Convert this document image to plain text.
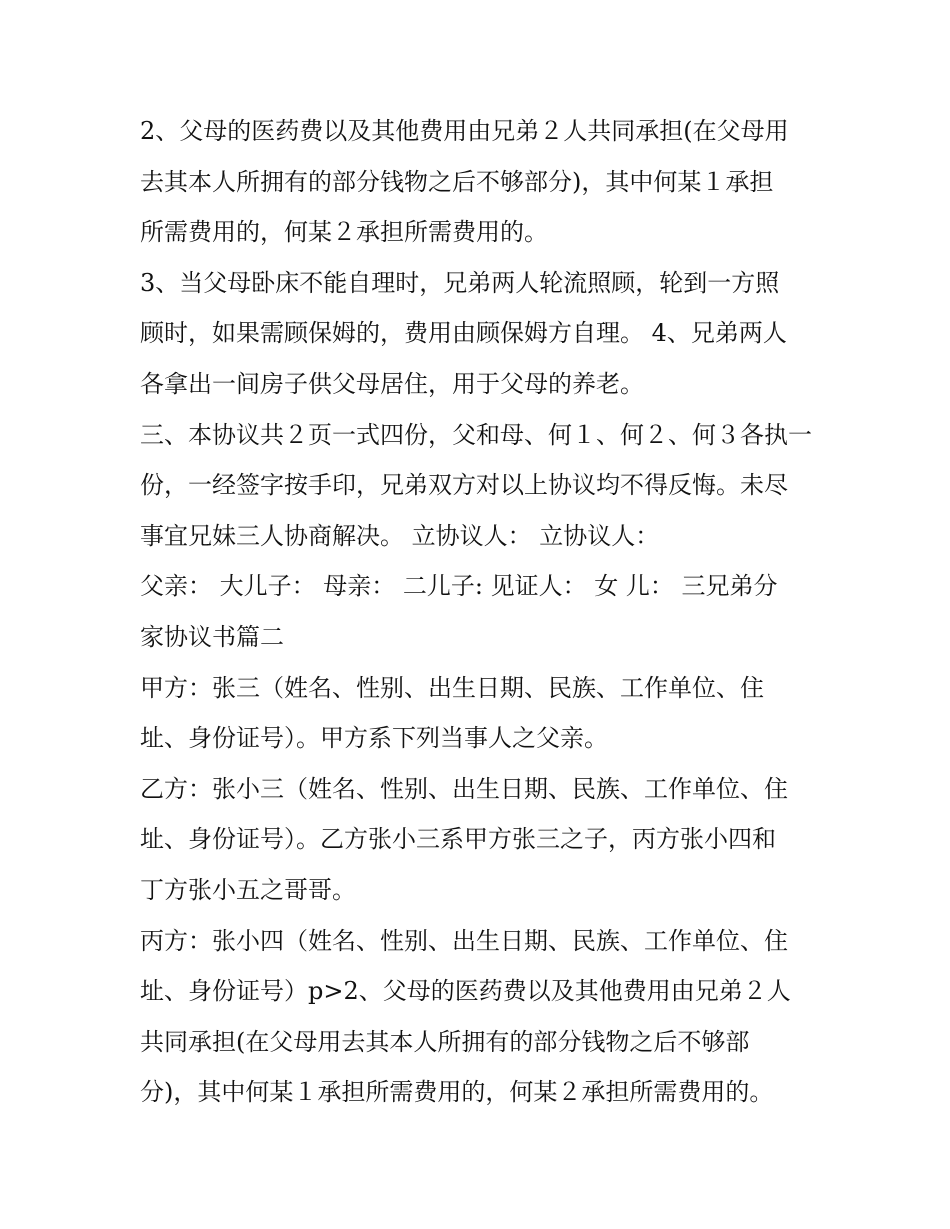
2、父母的医药费以及其他费用由兄弟２人共同承担(在父母用
去其本人所拥有的部分钱物之后不够部分)，其中何某１承担
所需费用的，何某２承担所需费用的。
3、当父母卧床不能自理时，兄弟两人轮流照顾，轮到一方照
顾时，如果需顾保姆的，费用由顾保姆方自理。 4、兄弟两人
各拿出一间房子供父母居住，用于父母的养老。
三、本协议共２页一式四份，父和母、何１、何２、何３各执一
份，一经签字按手印，兄弟双方对以上协议均不得反悔。未尽
事宜兄妹三人协商解决。 立协议人： 立协议人：
父亲： 大儿子： 母亲： 二儿子: 见证人： 女 儿： 三兄弟分
家协议书篇二
甲方：张三（姓名、性别、出生日期、民族、工作单位、住
址、身份证号）。甲方系下列当事人之父亲。
乙方：张小三（姓名、性别、出生日期、民族、工作单位、住
址、身份证号）。乙方张小三系甲方张三之子，丙方张小四和
丁方张小五之哥哥。
丙方：张小四（姓名、性别、出生日期、民族、工作单位、住
址、身份证号）p>2、父母的医药费以及其他费用由兄弟２人
共同承担(在父母用去其本人所拥有的部分钱物之后不够部
分)，其中何某１承担所需费用的，何某２承担所需费用的。
